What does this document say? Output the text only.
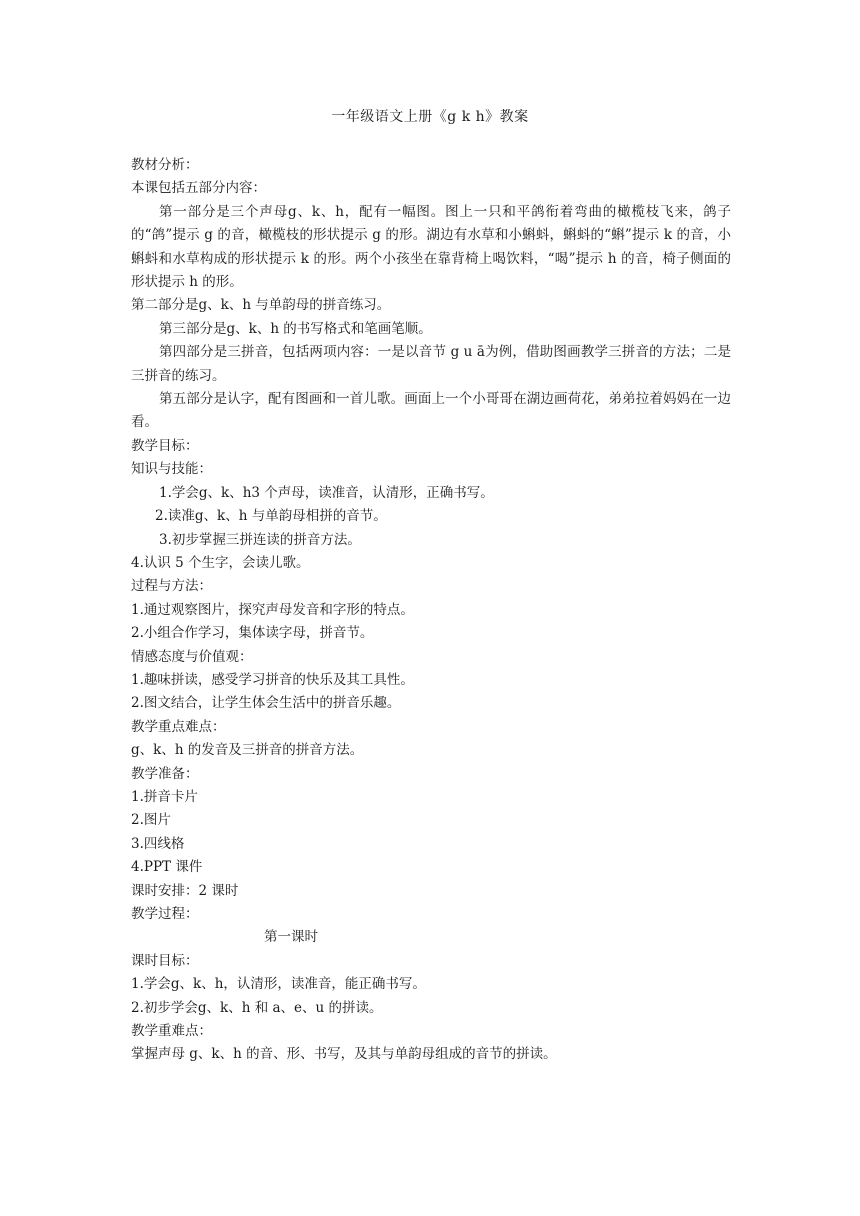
一年级语文上册《g k h》教案
教材分析：
本课包括五部分内容：
第一部分是三个声母g、k、h，配有一幅图。图上一只和平鸽衔着弯曲的橄榄枝飞来，鸽子的“鸽”提示 g 的音，橄榄枝的形状提示 g 的形。湖边有水草和小蝌蚪，蝌蚪的“蝌”提示 k 的音，小蝌蚪和水草构成的形状提示 k 的形。两个小孩坐在靠背椅上喝饮料，“喝”提示 h 的音，椅子侧面的形状提示 h 的形。
第二部分是g、k、h 与单韵母的拼音练习。
第三部分是g、k、h 的书写格式和笔画笔顺。
第四部分是三拼音，包括两项内容：一是以音节 g u ā为例，借助图画教学三拼音的方法；二是三拼音的练习。
第五部分是认字，配有图画和一首儿歌。画面上一个小哥哥在湖边画荷花，弟弟拉着妈妈在一边看。
教学目标：
知识与技能：
1.学会g、k、h3 个声母，读准音，认清形，正确书写。
2.读准g、k、h 与单韵母相拼的音节。
3.初步掌握三拼连读的拼音方法。
4.认识 5 个生字，会读儿歌。
过程与方法：
1.通过观察图片，探究声母发音和字形的特点。
2.小组合作学习，集体读字母，拼音节。
情感态度与价值观：
1.趣味拼读，感受学习拼音的快乐及其工具性。
2.图文结合，让学生体会生活中的拼音乐趣。
教学重点难点：
g、k、h 的发音及三拼音的拼音方法。
教学准备：
1.拼音卡片
2.图片
3.四线格
4.PPT 课件
课时安排：2 课时
教学过程：
第一课时
课时目标：
1.学会g、k、h，认清形，读准音，能正确书写。
2.初步学会g、k、h 和 a、e、u 的拼读。
教学重难点：
掌握声母 g、k、h 的音、形、书写，及其与单韵母组成的音节的拼读。
